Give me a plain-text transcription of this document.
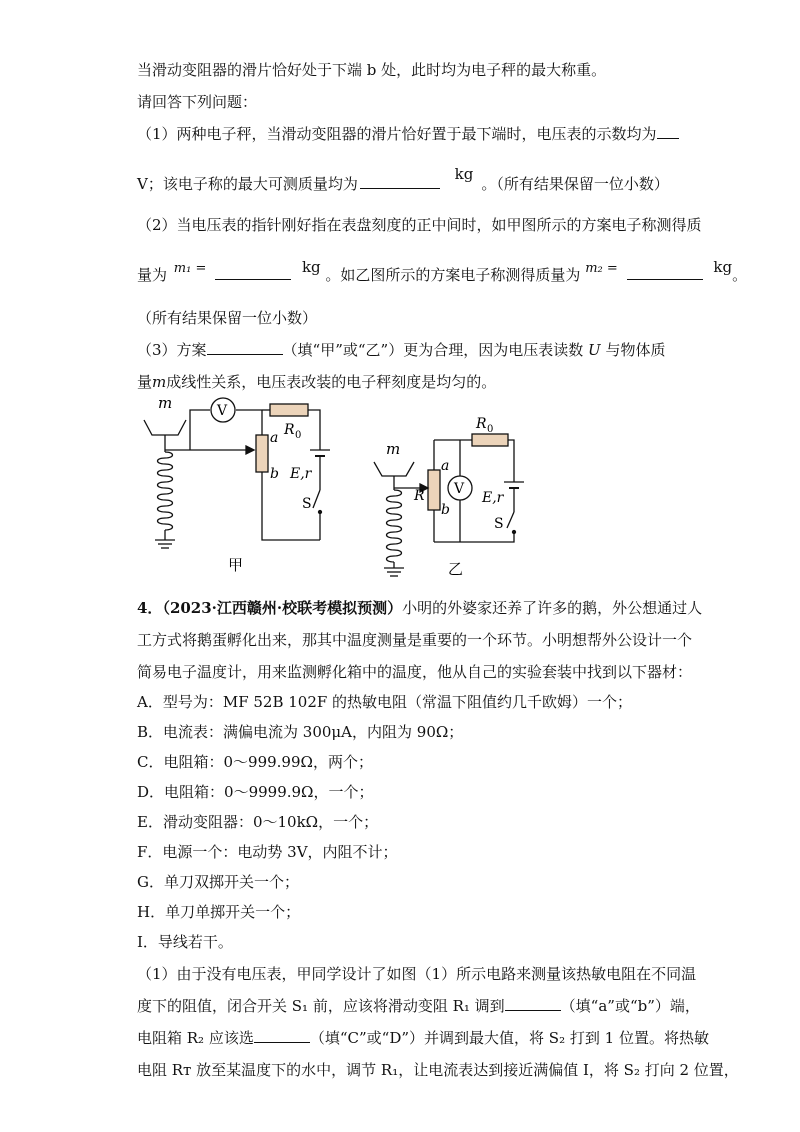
当滑动变阻器的滑片恰好处于下端 b 处，此时均为电子秤的最大称重。
请回答下列问题：
（1）两种电子秤，当滑动变阻器的滑片恰好置于最下端时，电压表的示数均为
V；该电子称的最大可测质量均为 kg。（所有结果保留一位小数）
（2）当电压表的指针刚好指在表盘刻度的正中间时，如甲图所示的方案电子称测得质
量为 m₁ =	kg 。如乙图所示的方案电子称测得质量为 m₂ =	kg。
（所有结果保留一位小数）
（3）方案	（填“甲”或“乙”）更为合理，因为电压表读数 U 与物体质
量m成线性关系，电压表改装的电子秤刻度是均匀的。
m	V
R 0
a
b E,r
S
甲
m
V
R 0
a
b
R	E,r
S
乙
4．（2023·江西赣州·校联考模拟预测）小明的外婆家还养了许多的鹅，外公想通过人
工方式将鹅蛋孵化出来，那其中温度测量是重要的一个环节。小明想帮外公设计一个
简易电子温度计，用来监测孵化箱中的温度，他从自己的实验套装中找到以下器材：
A．型号为：MF 52B 102F 的热敏电阻（常温下阻值约几千欧姆）一个；
B．电流表：满偏电流为 300μA，内阻为 90Ω；
C．电阻箱：0～999.99Ω，两个；
D．电阻箱：0～9999.9Ω，一个；
E．滑动变阻器：0～10kΩ，一个；
F．电源一个：电动势 3V，内阻不计；
G．单刀双掷开关一个；
H．单刀单掷开关一个；
I．导线若干。
（1）由于没有电压表，甲同学设计了如图（1）所示电路来测量该热敏电阻在不同温
度下的阻值，闭合开关 S₁ 前，应该将滑动变阻 R₁ 调到	（填“a”或“b”）端，
电阻箱 R₂ 应该选	（填“C”或“D”）并调到最大值，将 S₂ 打到 1 位置。将热敏
电阻 Rᴛ 放至某温度下的水中，调节 R₁，让电流表达到接近满偏值 I，将 S₂ 打向 2 位置，
